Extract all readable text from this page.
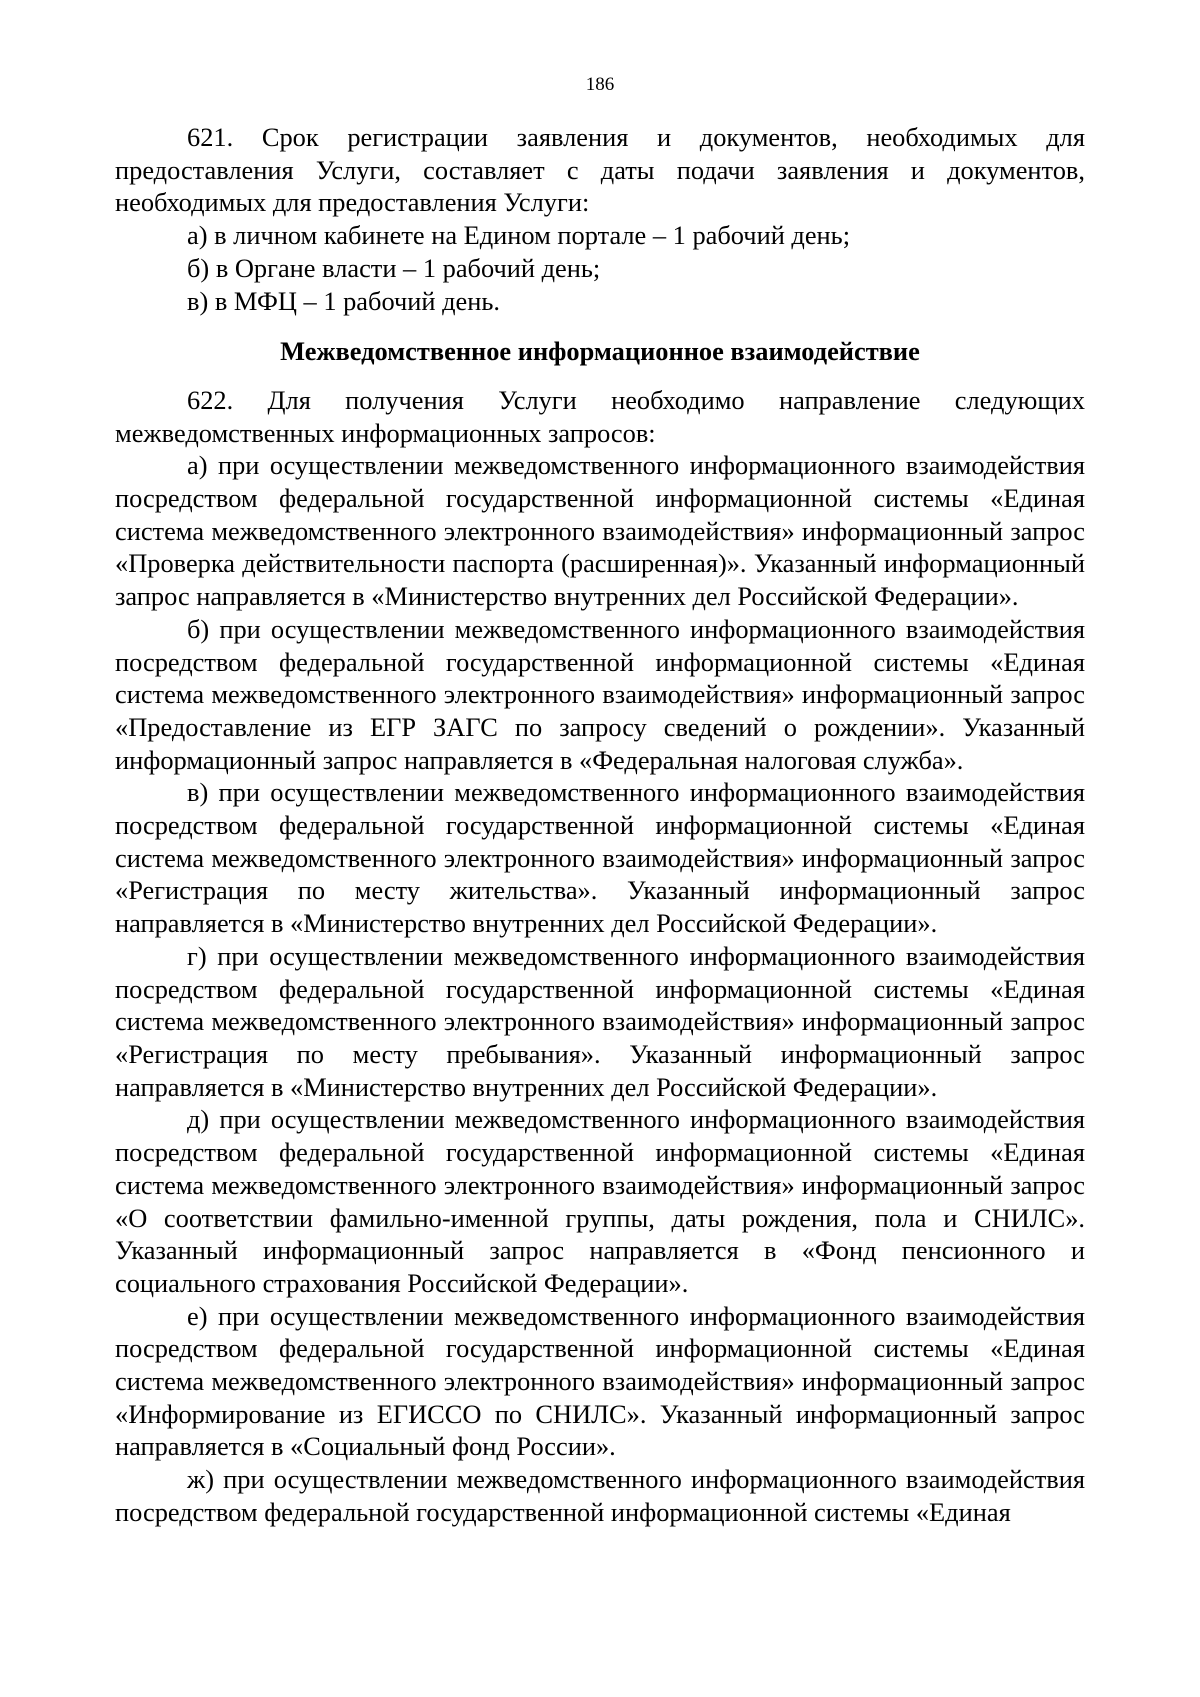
186

621. Срок регистрации заявления и документов, необходимых для предоставления Услуги, составляет с даты подачи заявления и документов, необходимых для предоставления Услуги:

а) в личном кабинете на Едином портале – 1 рабочий день;

б) в Органе власти – 1 рабочий день;

в) в МФЦ – 1 рабочий день.

Межведомственное информационное взаимодействие

622. Для получения Услуги необходимо направление следующих межведомственных информационных запросов:

а) при осуществлении межведомственного информационного взаимодействия посредством федеральной государственной информационной системы «Единая система межведомственного электронного взаимодействия» информационный запрос «Проверка действительности паспорта (расширенная)». Указанный информационный запрос направляется в «Министерство внутренних дел Российской Федерации».

б) при осуществлении межведомственного информационного взаимодействия посредством федеральной государственной информационной системы «Единая система межведомственного электронного взаимодействия» информационный запрос «Предоставление из ЕГР ЗАГС по запросу сведений о рождении». Указанный информационный запрос направляется в «Федеральная налоговая служба».

в) при осуществлении межведомственного информационного взаимодействия посредством федеральной государственной информационной системы «Единая система межведомственного электронного взаимодействия» информационный запрос «Регистрация по месту жительства». Указанный информационный запрос направляется в «Министерство внутренних дел Российской Федерации».

г) при осуществлении межведомственного информационного взаимодействия посредством федеральной государственной информационной системы «Единая система межведомственного электронного взаимодействия» информационный запрос «Регистрация по месту пребывания». Указанный информационный запрос направляется в «Министерство внутренних дел Российской Федерации».

д) при осуществлении межведомственного информационного взаимодействия посредством федеральной государственной информационной системы «Единая система межведомственного электронного взаимодействия» информационный запрос «О соответствии фамильно-именной группы, даты рождения, пола и СНИЛС». Указанный информационный запрос направляется в «Фонд пенсионного и социального страхования Российской Федерации».

е) при осуществлении межведомственного информационного взаимодействия посредством федеральной государственной информационной системы «Единая система межведомственного электронного взаимодействия» информационный запрос «Информирование из ЕГИССО по СНИЛС». Указанный информационный запрос направляется в «Социальный фонд России».

ж) при осуществлении межведомственного информационного взаимодействия посредством федеральной государственной информационной системы «Единая
